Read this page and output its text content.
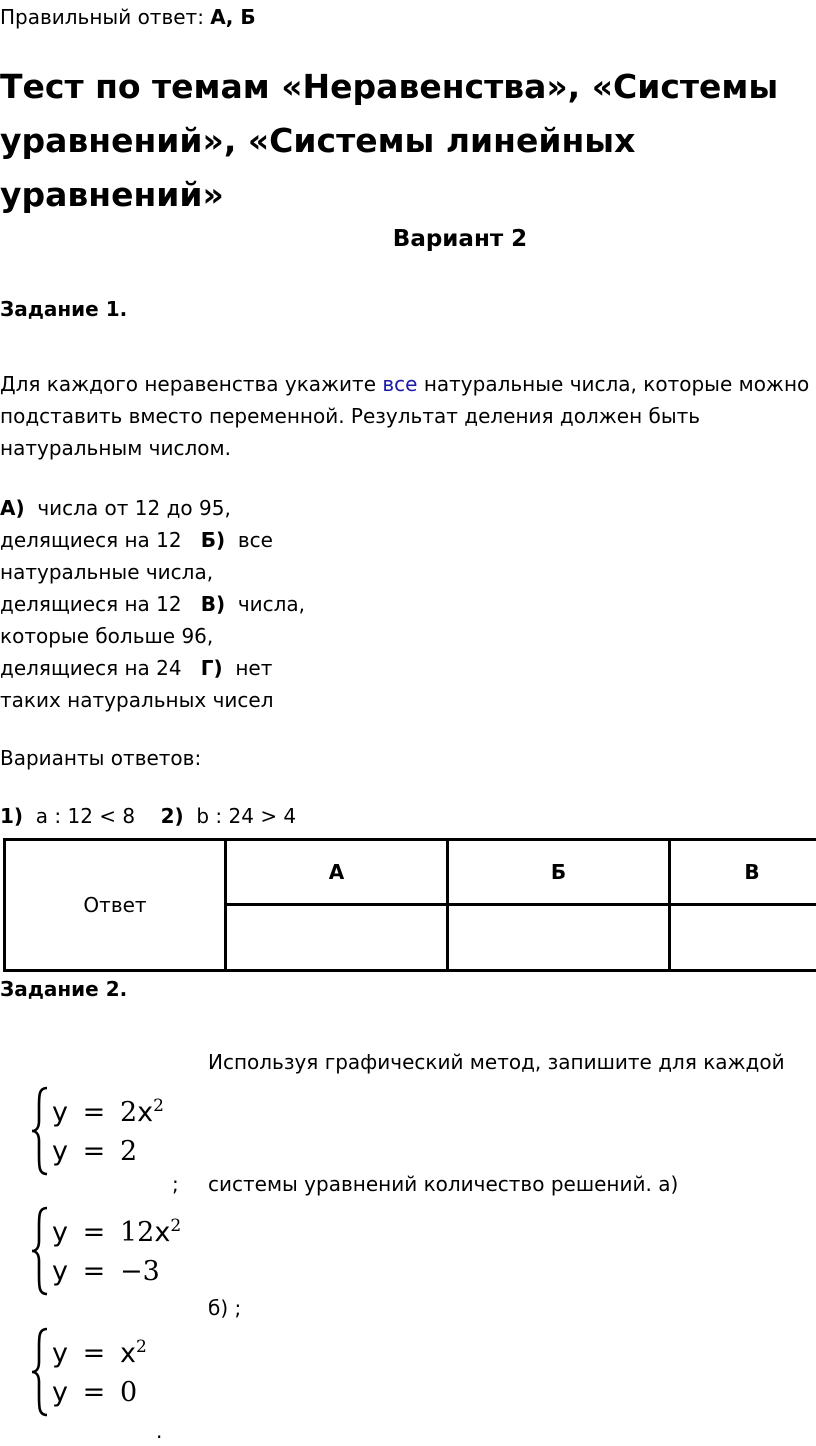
Правильный ответ: А, Б
Тест по темам «Неравенства», «Системы уравнений», «Системы линейных уравнений»
Вариант 2
Задание 1.
Для каждого неравенства укажите все натуральные числа, которые можно подставить вместо переменной. Результат деления должен быть натуральным числом.
А) числа от 12 до 95,
делящиеся на 12 Б) все
натуральные числа,
делящиеся на 12 В) числа,
которые больше 96,
делящиеся на 24 Г) нет
таких натуральных чисел
Варианты ответов:
1) a : 12 < 8 2) b : 24 > 4
Ответ	А	Б	В

Задание 2.
Используя графический метод, запишите для каждой
; системы уравнений количество решений. а)
б) ;
.
$y = 2x^2$
y = 2
$y = 12x^2$
y = −3
$y = x^2$
y = 0
